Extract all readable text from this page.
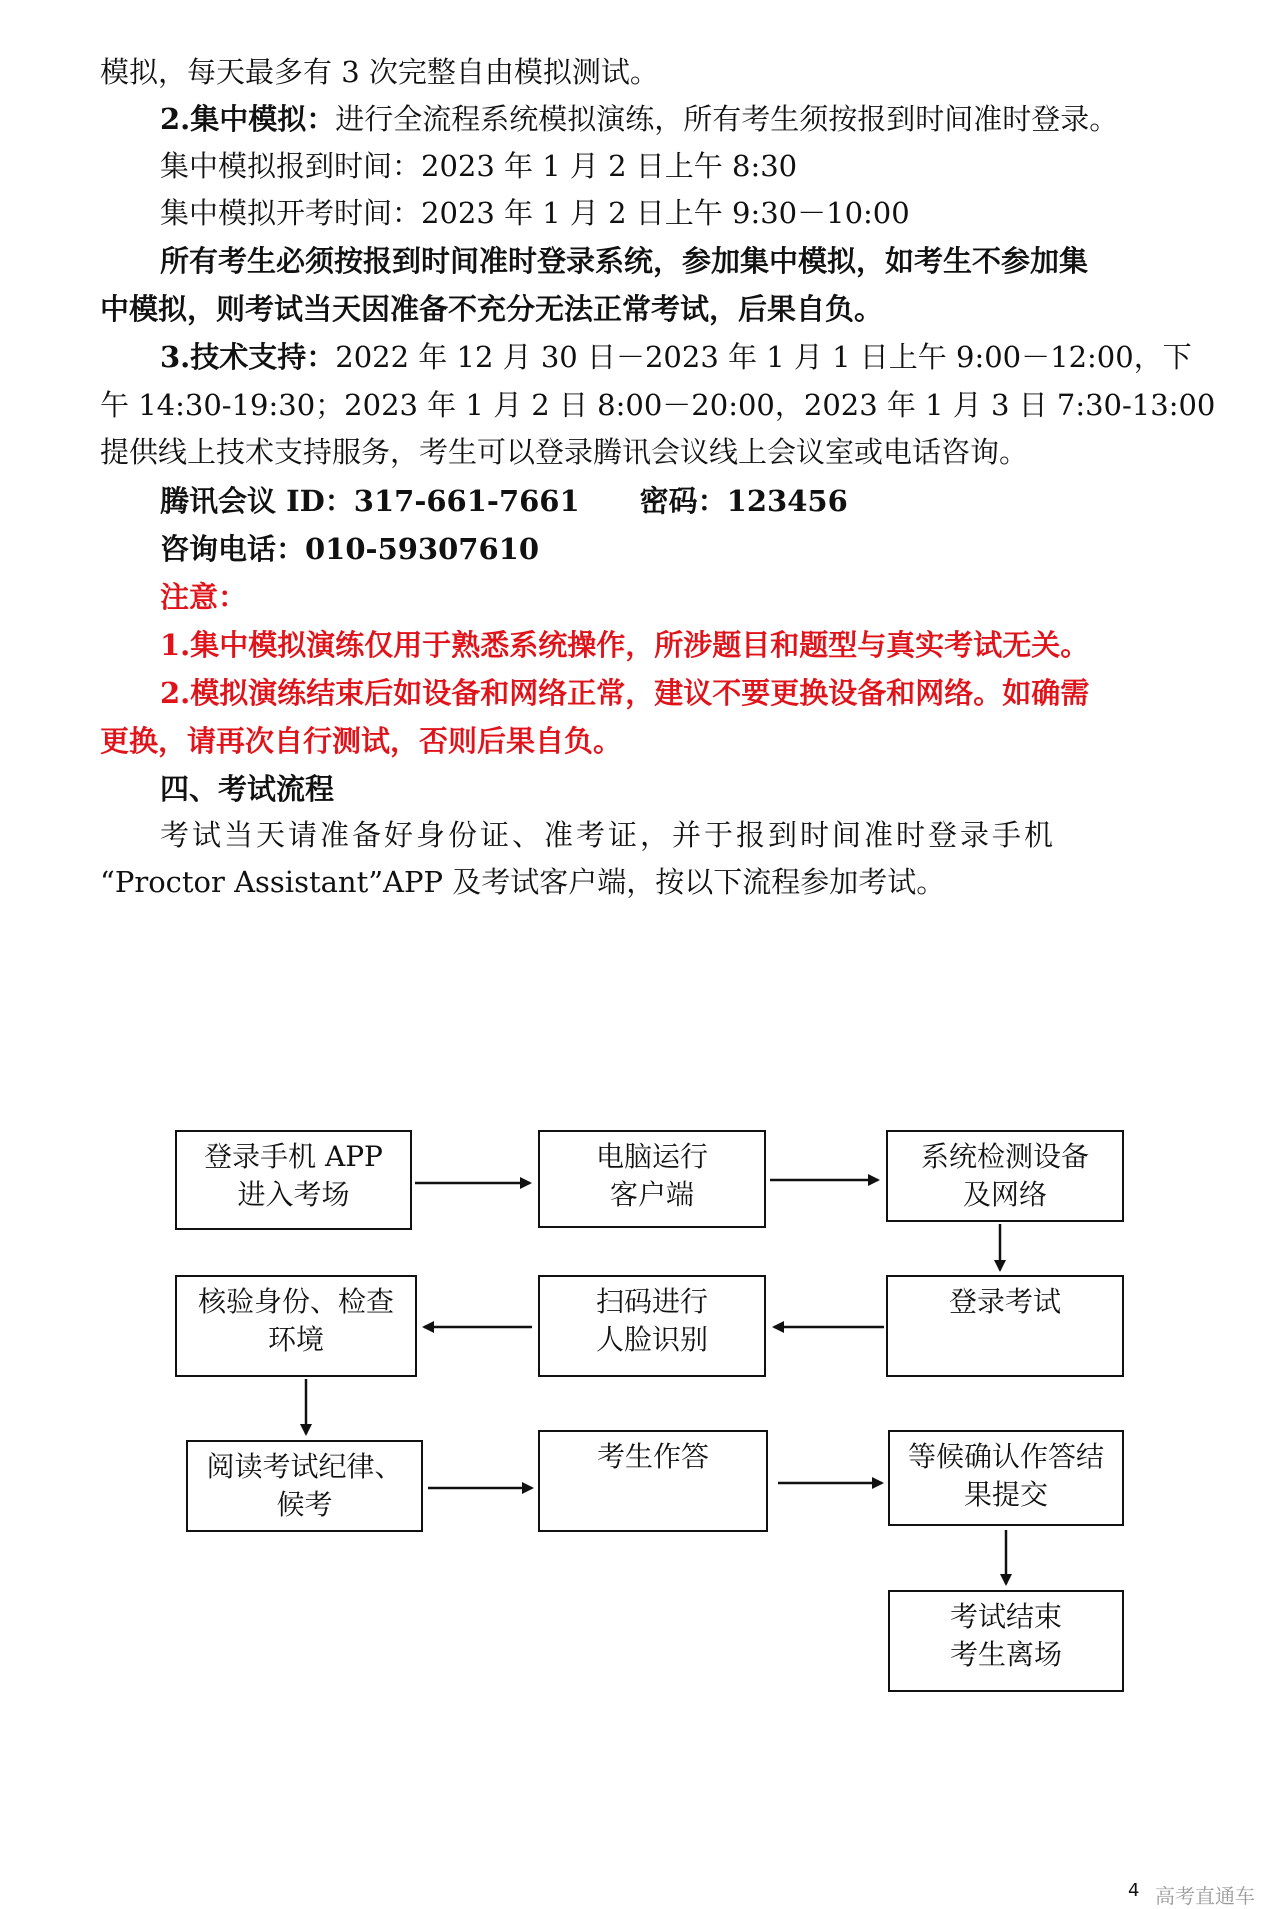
模拟，每天最多有 3 次完整自由模拟测试。
2.集中模拟：进行全流程系统模拟演练，所有考生须按报到时间准时登录。
集中模拟报到时间：2023 年 1 月 2 日上午 8:30
集中模拟开考时间：2023 年 1 月 2 日上午 9:30－10:00
所有考生必须按报到时间准时登录系统，参加集中模拟，如考生不参加集
中模拟，则考试当天因准备不充分无法正常考试，后果自负。
3.技术支持：2022 年 12 月 30 日－2023 年 1 月 1 日上午 9:00－12:00，下
午 14:30-19:30；2023 年 1 月 2 日 8:00－20:00，2023 年 1 月 3 日 7:30-13:00
提供线上技术支持服务，考生可以登录腾讯会议线上会议室或电话咨询。
腾讯会议 ID：317-661-7661 密码：123456
咨询电话：010-59307610
注意：
1.集中模拟演练仅用于熟悉系统操作，所涉题目和题型与真实考试无关。
2.模拟演练结束后如设备和网络正常，建议不要更换设备和网络。如确需
更换，请再次自行测试，否则后果自负。
四、考试流程
考试当天请准备好身份证、准考证，并于报到时间准时登录手机
“Proctor Assistant”APP 及考试客户端，按以下流程参加考试。
登录手机 APP
进入考场
电脑运行
客户端
系统检测设备
及网络
登录考试
扫码进行
人脸识别
核验身份、检查
环境
阅读考试纪律、
候考
考生作答	等候确认作答结
果提交
考试结束
考生离场
4 高考直通车
